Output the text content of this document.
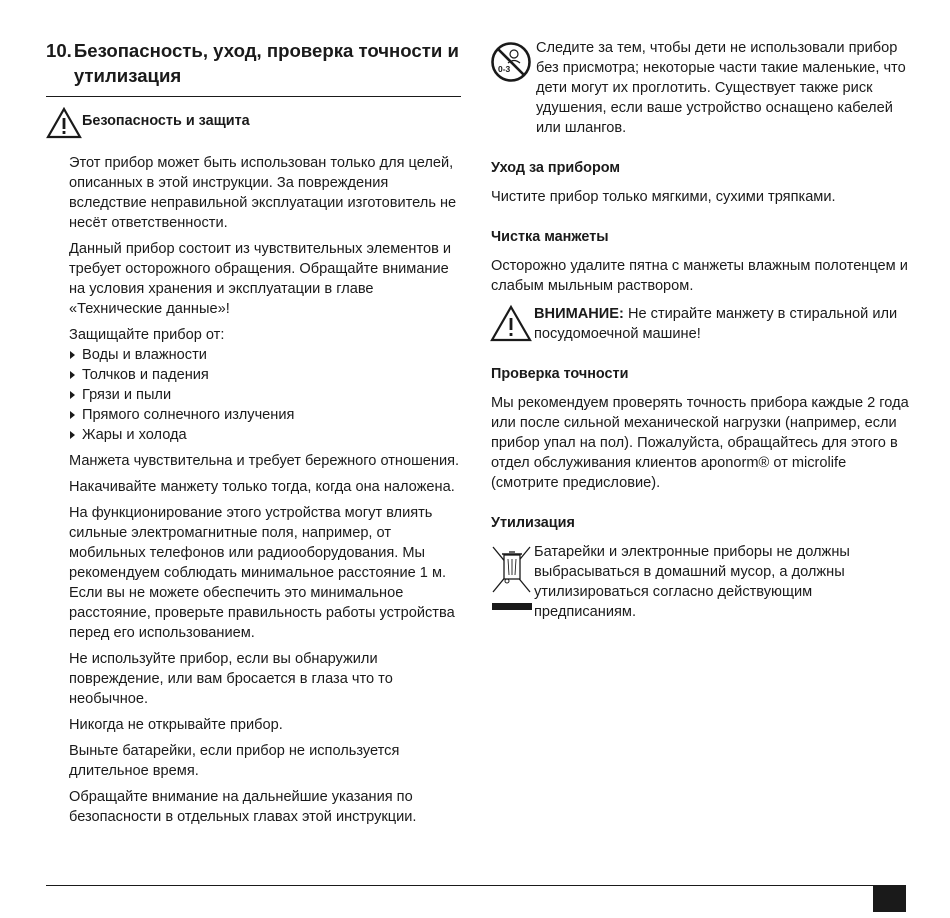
10. Безопасность, уход, проверка точности и утилизация
Безопасность и защита

Этот прибор может быть использован только для целей, описанных в этой инструкции. За повреждения вследствие неправильной эксплуатации изготовитель не несёт ответственности.

Данный прибор состоит из чувствительных элементов и требует осторожного обращения. Обращайте внимание на условия хранения и эксплуатации в главе «Технические данные»!

Защищайте прибор от:

Воды и влажности
Толчков и падения
Грязи и пыли
Прямого солнечного излучения
Жары и холода

Манжета чувствительна и требует бережного отношения.

Накачивайте манжету только тогда, когда она наложена.

На функционирование этого устройства могут влиять сильные электромагнитные поля, например, от мобильных телефонов или радиооборудования. Мы рекомендуем соблюдать минимальное расстояние 1 м. Если вы не можете обеспечить это минимальное расстояние, проверьте правильность работы устройства перед его использованием.

Не используйте прибор, если вы обнаружили повреждение, или вам бросается в глаза что то необычное.

Никогда не открывайте прибор.

Выньте батарейки, если прибор не используется длительное время.

Обращайте внимание на дальнейшие указания по безопасности в отдельных главах этой инструкции.

0-3

Следите за тем, чтобы дети не использовали прибор без присмотра; некоторые части такие маленькие, что дети могут их проглотить. Существует также риск удушения, если ваше устройство оснащено кабелей или шлангов.

Уход за прибором

Чистите прибор только мягкими, сухими тряпками.

Чистка манжеты

Осторожно удалите пятна с манжеты влажным полотенцем и слабым мыльным раствором.

ВНИМАНИЕ: Не стирайте манжету в стиральной или посудомоечной машине!

Проверка точности

Мы рекомендуем проверять точность прибора каждые 2 года или после сильной механической нагрузки (например, если прибор упал на пол). Пожалуйста, обращайтесь для этого в отдел обслуживания клиентов aponorm® от microlife (смотрите предисловие).

Утилизация

Батарейки и электронные приборы не должны выбрасываться в домашний мусор, а должны утилизироваться согласно действующим предписаниям.
